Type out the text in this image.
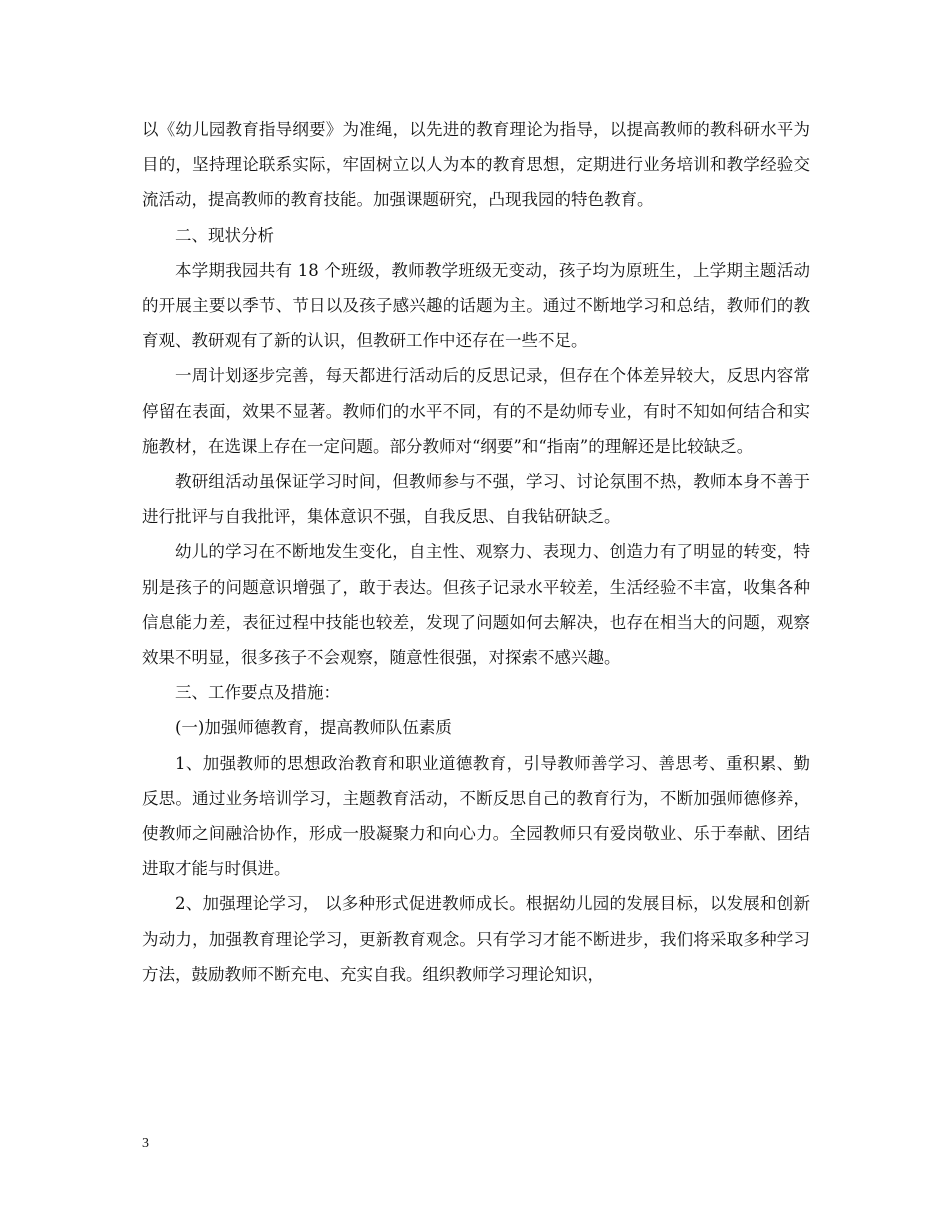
以《幼儿园教育指导纲要》为准绳，以先进的教育理论为指导，以提高教师的教科研水平为目的，坚持理论联系实际，牢固树立以人为本的教育思想，定期进行业务培训和教学经验交流活动，提高教师的教育技能。加强课题研究，凸现我园的特色教育。

二、现状分析

本学期我园共有 18 个班级，教师教学班级无变动，孩子均为原班生，上学期主题活动的开展主要以季节、节日以及孩子感兴趣的话题为主。通过不断地学习和总结，教师们的教育观、教研观有了新的认识，但教研工作中还存在一些不足。

一周计划逐步完善，每天都进行活动后的反思记录，但存在个体差异较大，反思内容常停留在表面，效果不显著。教师们的水平不同，有的不是幼师专业，有时不知如何结合和实施教材，在选课上存在一定问题。部分教师对“纲要”和“指南”的理解还是比较缺乏。

教研组活动虽保证学习时间，但教师参与不强，学习、讨论氛围不热，教师本身不善于进行批评与自我批评，集体意识不强，自我反思、自我钻研缺乏。

幼儿的学习在不断地发生变化，自主性、观察力、表现力、创造力有了明显的转变，特别是孩子的问题意识增强了，敢于表达。但孩子记录水平较差，生活经验不丰富，收集各种信息能力差，表征过程中技能也较差，发现了问题如何去解决，也存在相当大的问题，观察效果不明显，很多孩子不会观察，随意性很强，对探索不感兴趣。

三、工作要点及措施：

(一)加强师德教育，提高教师队伍素质

1、加强教师的思想政治教育和职业道德教育，引导教师善学习、善思考、重积累、勤反思。通过业务培训学习，主题教育活动，不断反思自己的教育行为，不断加强师德修养，使教师之间融洽协作，形成一股凝聚力和向心力。全园教师只有爱岗敬业、乐于奉献、团结进取才能与时俱进。

2、加强理论学习， 以多种形式促进教师成长。根据幼儿园的发展目标，以发展和创新为动力，加强教育理论学习，更新教育观念。只有学习才能不断进步，我们将采取多种学习方法，鼓励教师不断充电、充实自我。组织教师学习理论知识，

3
